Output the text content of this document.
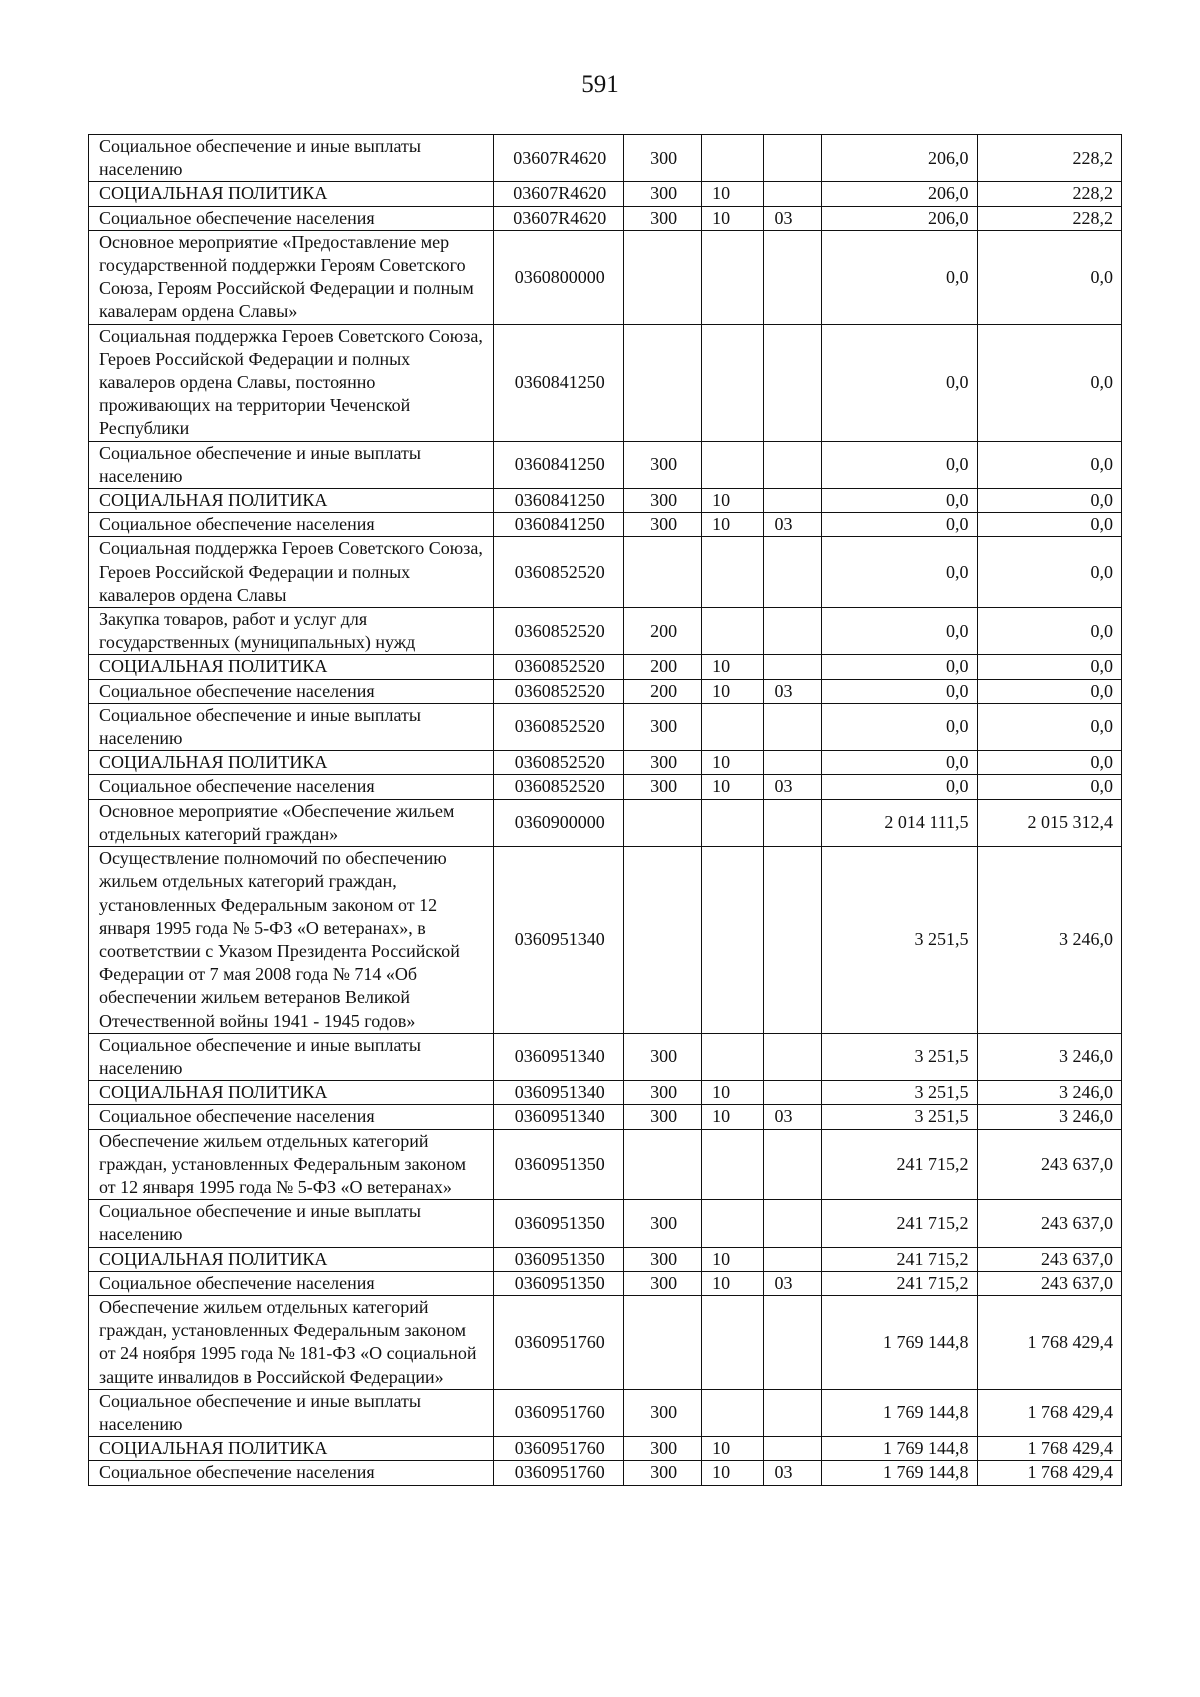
591
Социальное обеспечение и иные выплаты населению	03607R4620	300			206,0	228,2
СОЦИАЛЬНАЯ ПОЛИТИКА	03607R4620	300	10		206,0	228,2
Социальное обеспечение населения	03607R4620	300	10	03	206,0	228,2
Основное мероприятие «Предоставление мер государственной поддержки Героям Советского Союза, Героям Российской Федерации и полным кавалерам ордена Славы»	0360800000				0,0	0,0
Социальная поддержка Героев Советского Союза, Героев Российской Федерации и полных кавалеров ордена Славы, постоянно проживающих на территории Чеченской Республики	0360841250				0,0	0,0
Социальное обеспечение и иные выплаты населению	0360841250	300			0,0	0,0
СОЦИАЛЬНАЯ ПОЛИТИКА	0360841250	300	10		0,0	0,0
Социальное обеспечение населения	0360841250	300	10	03	0,0	0,0
Социальная поддержка Героев Советского Союза, Героев Российской Федерации и полных кавалеров ордена Славы	0360852520				0,0	0,0
Закупка товаров, работ и услуг для государственных (муниципальных) нужд	0360852520	200			0,0	0,0
СОЦИАЛЬНАЯ ПОЛИТИКА	0360852520	200	10		0,0	0,0
Социальное обеспечение населения	0360852520	200	10	03	0,0	0,0
Социальное обеспечение и иные выплаты населению	0360852520	300			0,0	0,0
СОЦИАЛЬНАЯ ПОЛИТИКА	0360852520	300	10		0,0	0,0
Социальное обеспечение населения	0360852520	300	10	03	0,0	0,0
Основное мероприятие «Обеспечение жильем отдельных категорий граждан»	0360900000				2 014 111,5	2 015 312,4
Осуществление полномочий по обеспечению жильем отдельных категорий граждан, установленных Федеральным законом от 12 января 1995 года № 5-ФЗ «О ветеранах», в соответствии с Указом Президента Российской Федерации от 7 мая 2008 года № 714 «Об обеспечении жильем ветеранов Великой Отечественной войны 1941 - 1945 годов»	0360951340				3 251,5	3 246,0
Социальное обеспечение и иные выплаты населению	0360951340	300			3 251,5	3 246,0
СОЦИАЛЬНАЯ ПОЛИТИКА	0360951340	300	10		3 251,5	3 246,0
Социальное обеспечение населения	0360951340	300	10	03	3 251,5	3 246,0
Обеспечение жильем отдельных категорий граждан, установленных Федеральным законом от 12 января 1995 года № 5-ФЗ «О ветеранах»	0360951350				241 715,2	243 637,0
Социальное обеспечение и иные выплаты населению	0360951350	300			241 715,2	243 637,0
СОЦИАЛЬНАЯ ПОЛИТИКА	0360951350	300	10		241 715,2	243 637,0
Социальное обеспечение населения	0360951350	300	10	03	241 715,2	243 637,0
Обеспечение жильем отдельных категорий граждан, установленных Федеральным законом от 24 ноября 1995 года № 181-ФЗ «О социальной защите инвалидов в Российской Федерации»	0360951760				1 769 144,8	1 768 429,4
Социальное обеспечение и иные выплаты населению	0360951760	300			1 769 144,8	1 768 429,4
СОЦИАЛЬНАЯ ПОЛИТИКА	0360951760	300	10		1 769 144,8	1 768 429,4
Социальное обеспечение населения	0360951760	300	10	03	1 769 144,8	1 768 429,4
